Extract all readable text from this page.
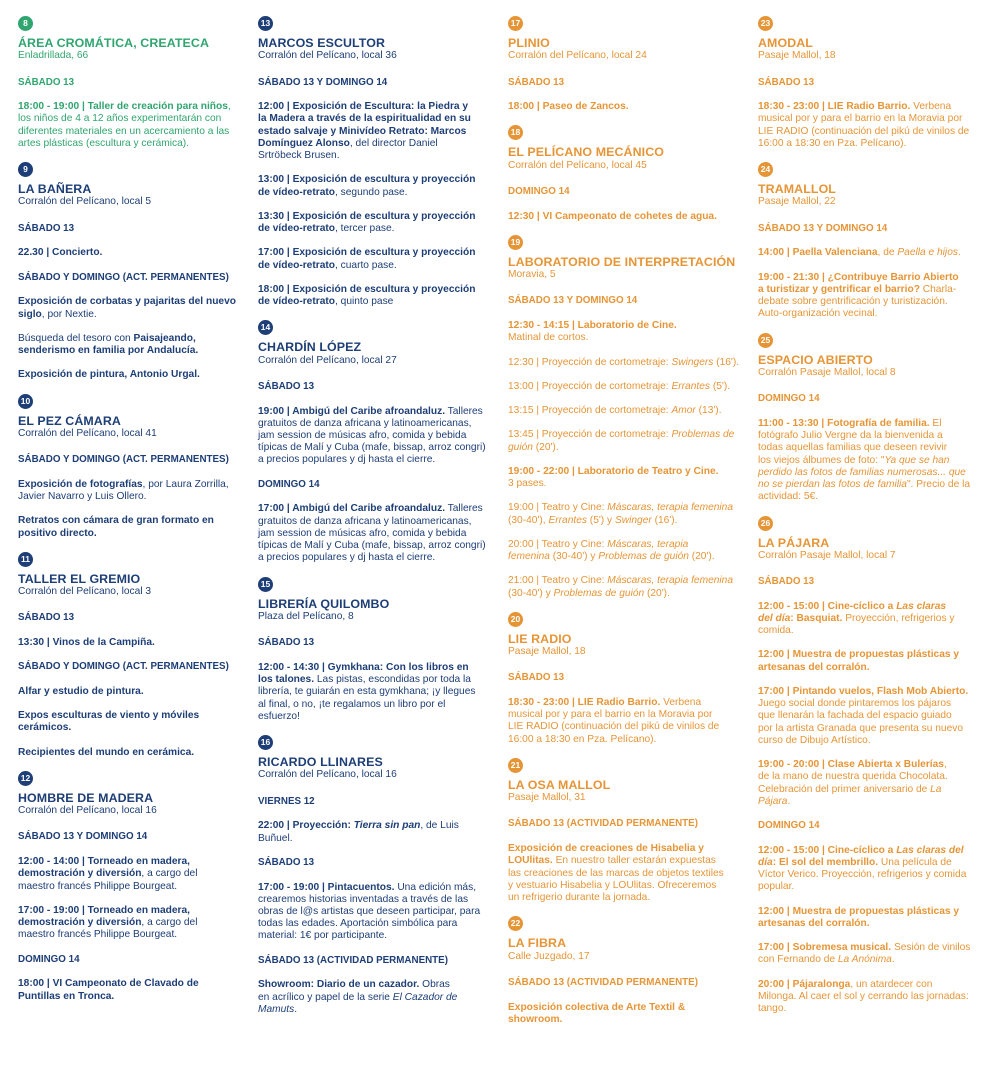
8
ÁREA CROMÁTICA, CREATECA
Enladrillada, 66
SÁBADO 13
18:00 - 19:00 | Taller de creación para niños,
los niños de 4 a 12 años experimentarán con
diferentes materiales en un acercamiento a las
artes plásticas (escultura y cerámica).
9
LA BAÑERA
Corralón del Pelícano, local 5
SÁBADO 13
22.30 | Concierto.
SÁBADO Y DOMINGO (ACT. PERMANENTES)
Exposición de corbatas y pajaritas del nuevo
siglo, por Nextie.
Búsqueda del tesoro con Paisajeando,
senderismo en familia por Andalucía.
Exposición de pintura, Antonio Urgal.
10
EL PEZ CÁMARA
Corralón del Pelícano, local 41
SÁBADO Y DOMINGO (ACT. PERMANENTES)
Exposición de fotografías, por Laura Zorrilla,
Javier Navarro y Luis Ollero.
Retratos con cámara de gran formato en
positivo directo.
11
TALLER EL GREMIO
Corralón del Pelícano, local 3
SÁBADO 13
13:30 | Vinos de la Campiña.
SÁBADO Y DOMINGO (ACT. PERMANENTES)
Alfar y estudio de pintura.
Expos esculturas de viento y móviles
cerámicos.
Recipientes del mundo en cerámica.
12
HOMBRE DE MADERA
Corralón del Pelícano, local 16
SÁBADO 13 Y DOMINGO 14
12:00 - 14:00 | Torneado en madera,
demostración y diversión, a cargo del
maestro francés Philippe Bourgeat.
17:00 - 19:00 | Torneado en madera,
demostración y diversión, a cargo del
maestro francés Philippe Bourgeat.
DOMINGO 14
18:00 | VI Campeonato de Clavado de
Puntillas en Tronca.
13
MARCOS ESCULTOR
Corralón del Pelícano, local 36
SÁBADO 13 Y DOMINGO 14
12:00 | Exposición de Escultura: la Piedra y
la Madera a través de la espiritualidad en su
estado salvaje y Minivídeo Retrato: Marcos
Domínguez Alonso, del director Daniel
Srtröbeck Brusen.
13:00 | Exposición de escultura y proyección
de vídeo-retrato, segundo pase.
13:30 | Exposición de escultura y proyección
de vídeo-retrato, tercer pase.
17:00 | Exposición de escultura y proyección
de vídeo-retrato, cuarto pase.
18:00 | Exposición de escultura y proyección
de vídeo-retrato, quinto pase
14
CHARDÍN LÓPEZ
Corralón del Pelícano, local 27
SÁBADO 13
19:00 | Ambigú del Caribe afroandaluz. Talleres
gratuitos de danza africana y latinoamericanas,
jam session de músicas afro, comida y bebida
típicas de Malí y Cuba (mafe, bissap, arroz congri)
a precios populares y dj hasta el cierre.
DOMINGO 14
17:00 | Ambigú del Caribe afroandaluz. Talleres
gratuitos de danza africana y latinoamericanas,
jam session de músicas afro, comida y bebida
típicas de Malí y Cuba (mafe, bissap, arroz congri)
a precios populares y dj hasta el cierre.
15
LIBRERÍA QUILOMBO
Plaza del Pelícano, 8
SÁBADO 13
12:00 - 14:30 | Gymkhana: Con los libros en
los talones. Las pistas, escondidas por toda la
librería, te guiarán en esta gymkhana; ¡y llegues
al final, o no, ¡te regalamos un libro por el
esfuerzo!
16
RICARDO LLINARES
Corralón del Pelícano, local 16
VIERNES 12
22:00 | Proyección: Tierra sin pan, de Luis
Buñuel.
SÁBADO 13
17:00 - 19:00 | Pintacuentos. Una edición más,
crearemos historias inventadas a través de las
obras de l@s artistas que deseen participar, para
todas las edades. Aportación simbólica para
material: 1€ por participante.
SÁBADO 13 (ACTIVIDAD PERMANENTE)
Showroom: Diario de un cazador. Obras
en acrílico y papel de la serie El Cazador de
Mamuts.
17
PLINIO
Corralón del Pelícano, local 24
SÁBADO 13
18:00 | Paseo de Zancos.
18
EL PELÍCANO MECÁNICO
Corralón del Pelícano, local 45
DOMINGO 14
12:30 | VI Campeonato de cohetes de agua.
19
LABORATORIO DE INTERPRETACIÓN
Moravia, 5
SÁBADO 13 Y DOMINGO 14
12:30 - 14:15 | Laboratorio de Cine.
Matinal de cortos.
12:30 | Proyección de cortometraje: Swingers (16').
13:00 | Proyección de cortometraje: Errantes (5').
13:15 | Proyección de cortometraje: Amor (13').
13:45 | Proyección de cortometraje: Problemas de
guión (20').
19:00 - 22:00 | Laboratorio de Teatro y Cine.
3 pases.
19:00 | Teatro y Cine: Máscaras, terapia femenina
(30-40'), Errantes (5') y Swinger (16').
20:00 | Teatro y Cine: Máscaras, terapia
femenina (30-40') y Problemas de guión (20').
21:00 | Teatro y Cine: Máscaras, terapia femenina
(30-40') y Problemas de guión (20').
20
LIE RADIO
Pasaje Mallol, 18
SÁBADO 13
18:30 - 23:00 | LIE Radio Barrio. Verbena
musical por y para el barrio en la Moravia por
LIE RADIO (continuación del pikú de vinilos de
16:00 a 18:30 en Pza. Pelícano).
21
LA OSA MALLOL
Pasaje Mallol, 31
SÁBADO 13 (ACTIVIDAD PERMANENTE)
Exposición de creaciones de Hisabelia y
LOUlitas. En nuestro taller estarán expuestas
las creaciones de las marcas de objetos textiles
y vestuario Hisabelia y LOUlitas. Ofreceremos
un refrigerio durante la jornada.
22
LA FIBRA
Calle Juzgado, 17
SÁBADO 13 (ACTIVIDAD PERMANENTE)
Exposición colectiva de Arte Textil &
showroom.
23
AMODAL
Pasaje Mallol, 18
SÁBADO 13
18:30 - 23:00 | LIE Radio Barrio. Verbena
musical por y para el barrio en la Moravia por
LIE RADIO (continuación del pikú de vinilos de
16:00 a 18:30 en Pza. Pelícano).
24
TRAMALLOL
Pasaje Mallol, 22
SÁBADO 13 Y DOMINGO 14
14:00 | Paella Valenciana, de Paella e hijos.
19:00 - 21:30 | ¿Contribuye Barrio Abierto
a turistizar y gentrificar el barrio? Charla-
debate sobre gentrificación y turistización.
Auto-organización vecinal.
25
ESPACIO ABIERTO
Corralón Pasaje Mallol, local 8
DOMINGO 14
11:00 - 13:30 | Fotografía de familia. El
fotógrafo Julio Vergne da la bienvenida a
todas aquellas familias que deseen revivir
los viejos álbumes de foto: "Ya que se han
perdido las fotos de familias numerosas... que
no se pierdan las fotos de familia". Precio de la
actividad: 5€.
26
LA PÁJARA
Corralón Pasaje Mallol, local 7
SÁBADO 13
12:00 - 15:00 | Cine-cíclico a Las claras
del día: Basquiat. Proyección, refrigerios y
comida.
12:00 | Muestra de propuestas plásticas y
artesanas del corralón.
17:00 | Pintando vuelos, Flash Mob Abierto.
Juego social donde pintaremos los pájaros
que llenarán la fachada del espacio guiado
por la artista Granada que presenta su nuevo
curso de Dibujo Artístico.
19:00 - 20:00 | Clase Abierta x Bulerías,
de la mano de nuestra querida Chocolata.
Celebración del primer aniversario de La
Pájara.
DOMINGO 14
12:00 - 15:00 | Cine-cíclico a Las claras del
día: El sol del membrillo. Una película de
Víctor Verico. Proyección, refrigerios y comida
popular.
12:00 | Muestra de propuestas plásticas y
artesanas del corralón.
17:00 | Sobremesa musical. Sesión de vinilos
con Fernando de La Anónima.
20:00 | Pájaralonga, un atardecer con
Milonga. Al caer el sol y cerrando las jornadas:
tango.
